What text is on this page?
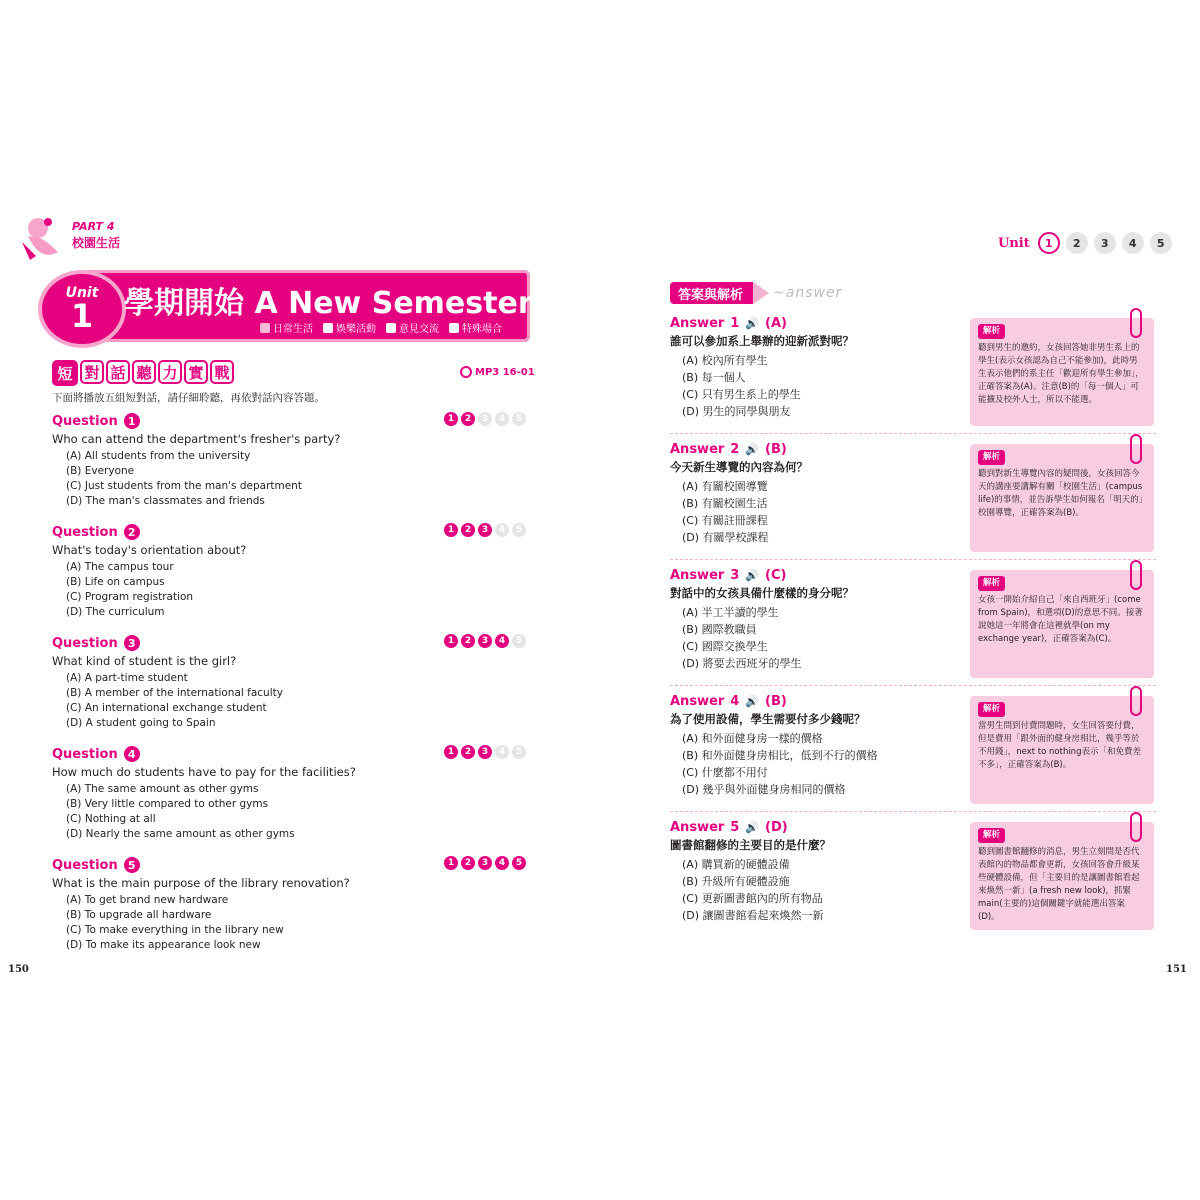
PART 4
校園生活
Unit
1 學期開始 A New Semester
日常生活 娛樂活動 意見交流 特殊場合
短 對 話 聽 力 實 戰	MP3 16-01
下面將播放五組短對話，請仔細聆聽，再依對話內容答題。
Question 1	1	2	3	4	5
Who can attend the department's fresher's party?
(A) All students from the university
(B) Everyone
(C) Just students from the man's department
(D) The man's classmates and friends
Question 2	1	2	3	4	5
What's today's orientation about?
(A) The campus tour
(B) Life on campus
(C) Program registration
(D) The curriculum
Question 3	1	2	3	4	5
What kind of student is the girl?
(A) A part-time student
(B) A member of the international faculty
(C) An international exchange student
(D) A student going to Spain
Question 4	1	2	3	4	5
How much do students have to pay for the facilities?
(A) The same amount as other gyms
(B) Very little compared to other gyms
(C) Nothing at all
(D) Nearly the same amount as other gyms
Question 5	1	2	3	4	5
What is the main purpose of the library renovation?
(A) To get brand new hardware
(B) To upgrade all hardware
(C) To make everything in the library new
(D) To make its appearance look new
150
Unit	1	2	3	4	5
答案與解析	~answer
Answer 1 🔊 (A)
誰可以參加系上舉辦的迎新派對呢？
(A) 校內所有學生
(B) 每一個人
(C) 只有男生系上的學生
(D) 男生的同學與朋友
解析
聽到男生的邀約，女孩回答她非男生系上的學生(表示女孩認為自己不能參加)，此時男生表示他們的系主任「歡迎所有學生參加」，正確答案為(A)。注意(B)的「每一個人」可能擴及校外人士，所以不能選。
Answer 2 🔊 (B)
今天新生導覽的內容為何？
(A) 有關校園導覽
(B) 有關校園生活
(C) 有關註冊課程
(D) 有關學校課程
解析
聽到對新生導覽內容的疑問後，女孩回答今天的講座要講解有關「校園生活」(campus life)的事情，並告訴學生如何報名「明天的」校園導覽，正確答案為(B)。
Answer 3 🔊 (C)
對話中的女孩具備什麼樣的身分呢？
(A) 半工半讀的學生
(B) 國際教職員
(C) 國際交換學生
(D) 將要去西班牙的學生
解析
女孩一開始介紹自己「來自西班牙」(come from Spain)，和選項(D)的意思不同。接著說她這一年將會在這裡就學(on my exchange year)，正確答案為(C)。
Answer 4 🔊 (B)
為了使用設備，學生需要付多少錢呢？
(A) 和外面健身房一樣的價格
(B) 和外面健身房相比，低到不行的價格
(C) 什麼都不用付
(D) 幾乎與外面健身房相同的價格
解析
當男生問到付費問題時，女生回答要付費，但是費用「跟外面的健身房相比，幾乎等於不用錢」，next to nothing表示「和免費差不多」，正確答案為(B)。
Answer 5 🔊 (D)
圖書館翻修的主要目的是什麼？
(A) 購買新的硬體設備
(B) 升級所有硬體設施
(C) 更新圖書館內的所有物品
(D) 讓圖書館看起來煥然一新
解析
聽到圖書館翻修的消息，男生立刻問是否代表館內的物品都會更新，女孩回答會升級某些硬體設備，但「主要目的是讓圖書館看起來煥然一新」(a fresh new look)，抓緊main(主要的)這個關鍵字就能選出答案(D)。
151
